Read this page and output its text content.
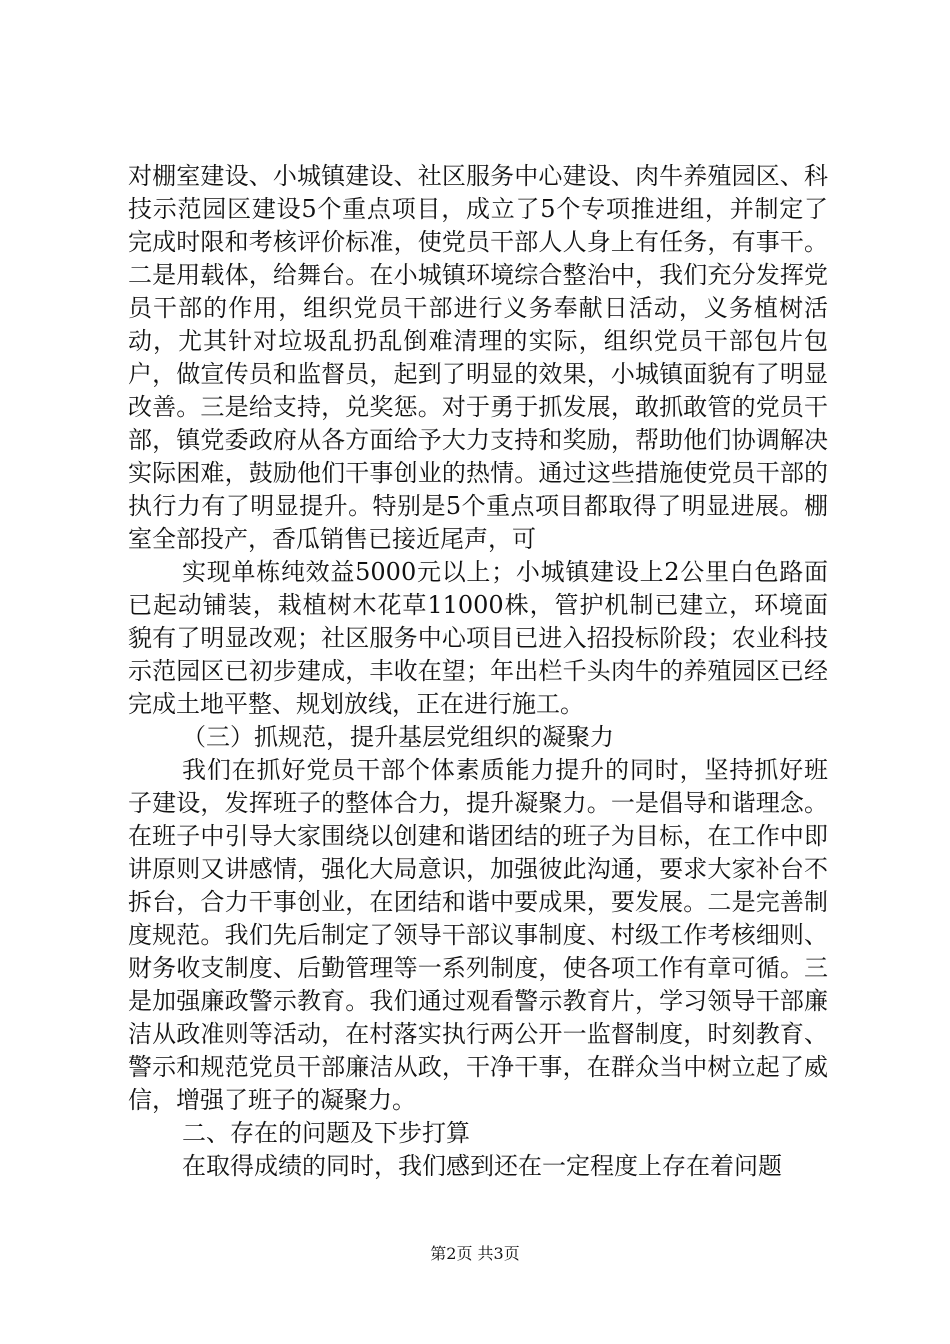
对棚室建设、小城镇建设、社区服务中心建设、肉牛养殖园区、科技示范园区建设5个重点项目，成立了5个专项推进组，并制定了完成时限和考核评价标准，使党员干部人人身上有任务，有事干。二是用载体，给舞台。在小城镇环境综合整治中，我们充分发挥党员干部的作用，组织党员干部进行义务奉献日活动，义务植树活动，尤其针对垃圾乱扔乱倒难清理的实际，组织党员干部包片包户，做宣传员和监督员，起到了明显的效果，小城镇面貌有了明显改善。三是给支持，兑奖惩。对于勇于抓发展，敢抓敢管的党员干部，镇党委政府从各方面给予大力支持和奖励，帮助他们协调解决实际困难，鼓励他们干事创业的热情。通过这些措施使党员干部的执行力有了明显提升。特别是5个重点项目都取得了明显进展。棚室全部投产，香瓜销售已接近尾声，可

实现单栋纯效益5000元以上；小城镇建设上2公里白色路面已起动铺装，栽植树木花草11000株，管护机制已建立，环境面貌有了明显改观；社区服务中心项目已进入招投标阶段；农业科技示范园区已初步建成，丰收在望；年出栏千头肉牛的养殖园区已经完成土地平整、规划放线，正在进行施工。

（三）抓规范，提升基层党组织的凝聚力

我们在抓好党员干部个体素质能力提升的同时，坚持抓好班子建设，发挥班子的整体合力，提升凝聚力。一是倡导和谐理念。在班子中引导大家围绕以创建和谐团结的班子为目标，在工作中即讲原则又讲感情，强化大局意识，加强彼此沟通，要求大家补台不拆台，合力干事创业，在团结和谐中要成果，要发展。二是完善制度规范。我们先后制定了领导干部议事制度、村级工作考核细则、财务收支制度、后勤管理等一系列制度，使各项工作有章可循。三是加强廉政警示教育。我们通过观看警示教育片，学习领导干部廉洁从政准则等活动，在村落实执行两公开一监督制度，时刻教育、警示和规范党员干部廉洁从政，干净干事，在群众当中树立起了威信，增强了班子的凝聚力。

二、存在的问题及下步打算

在取得成绩的同时，我们感到还在一定程度上存在着问题

第2页 共3页
